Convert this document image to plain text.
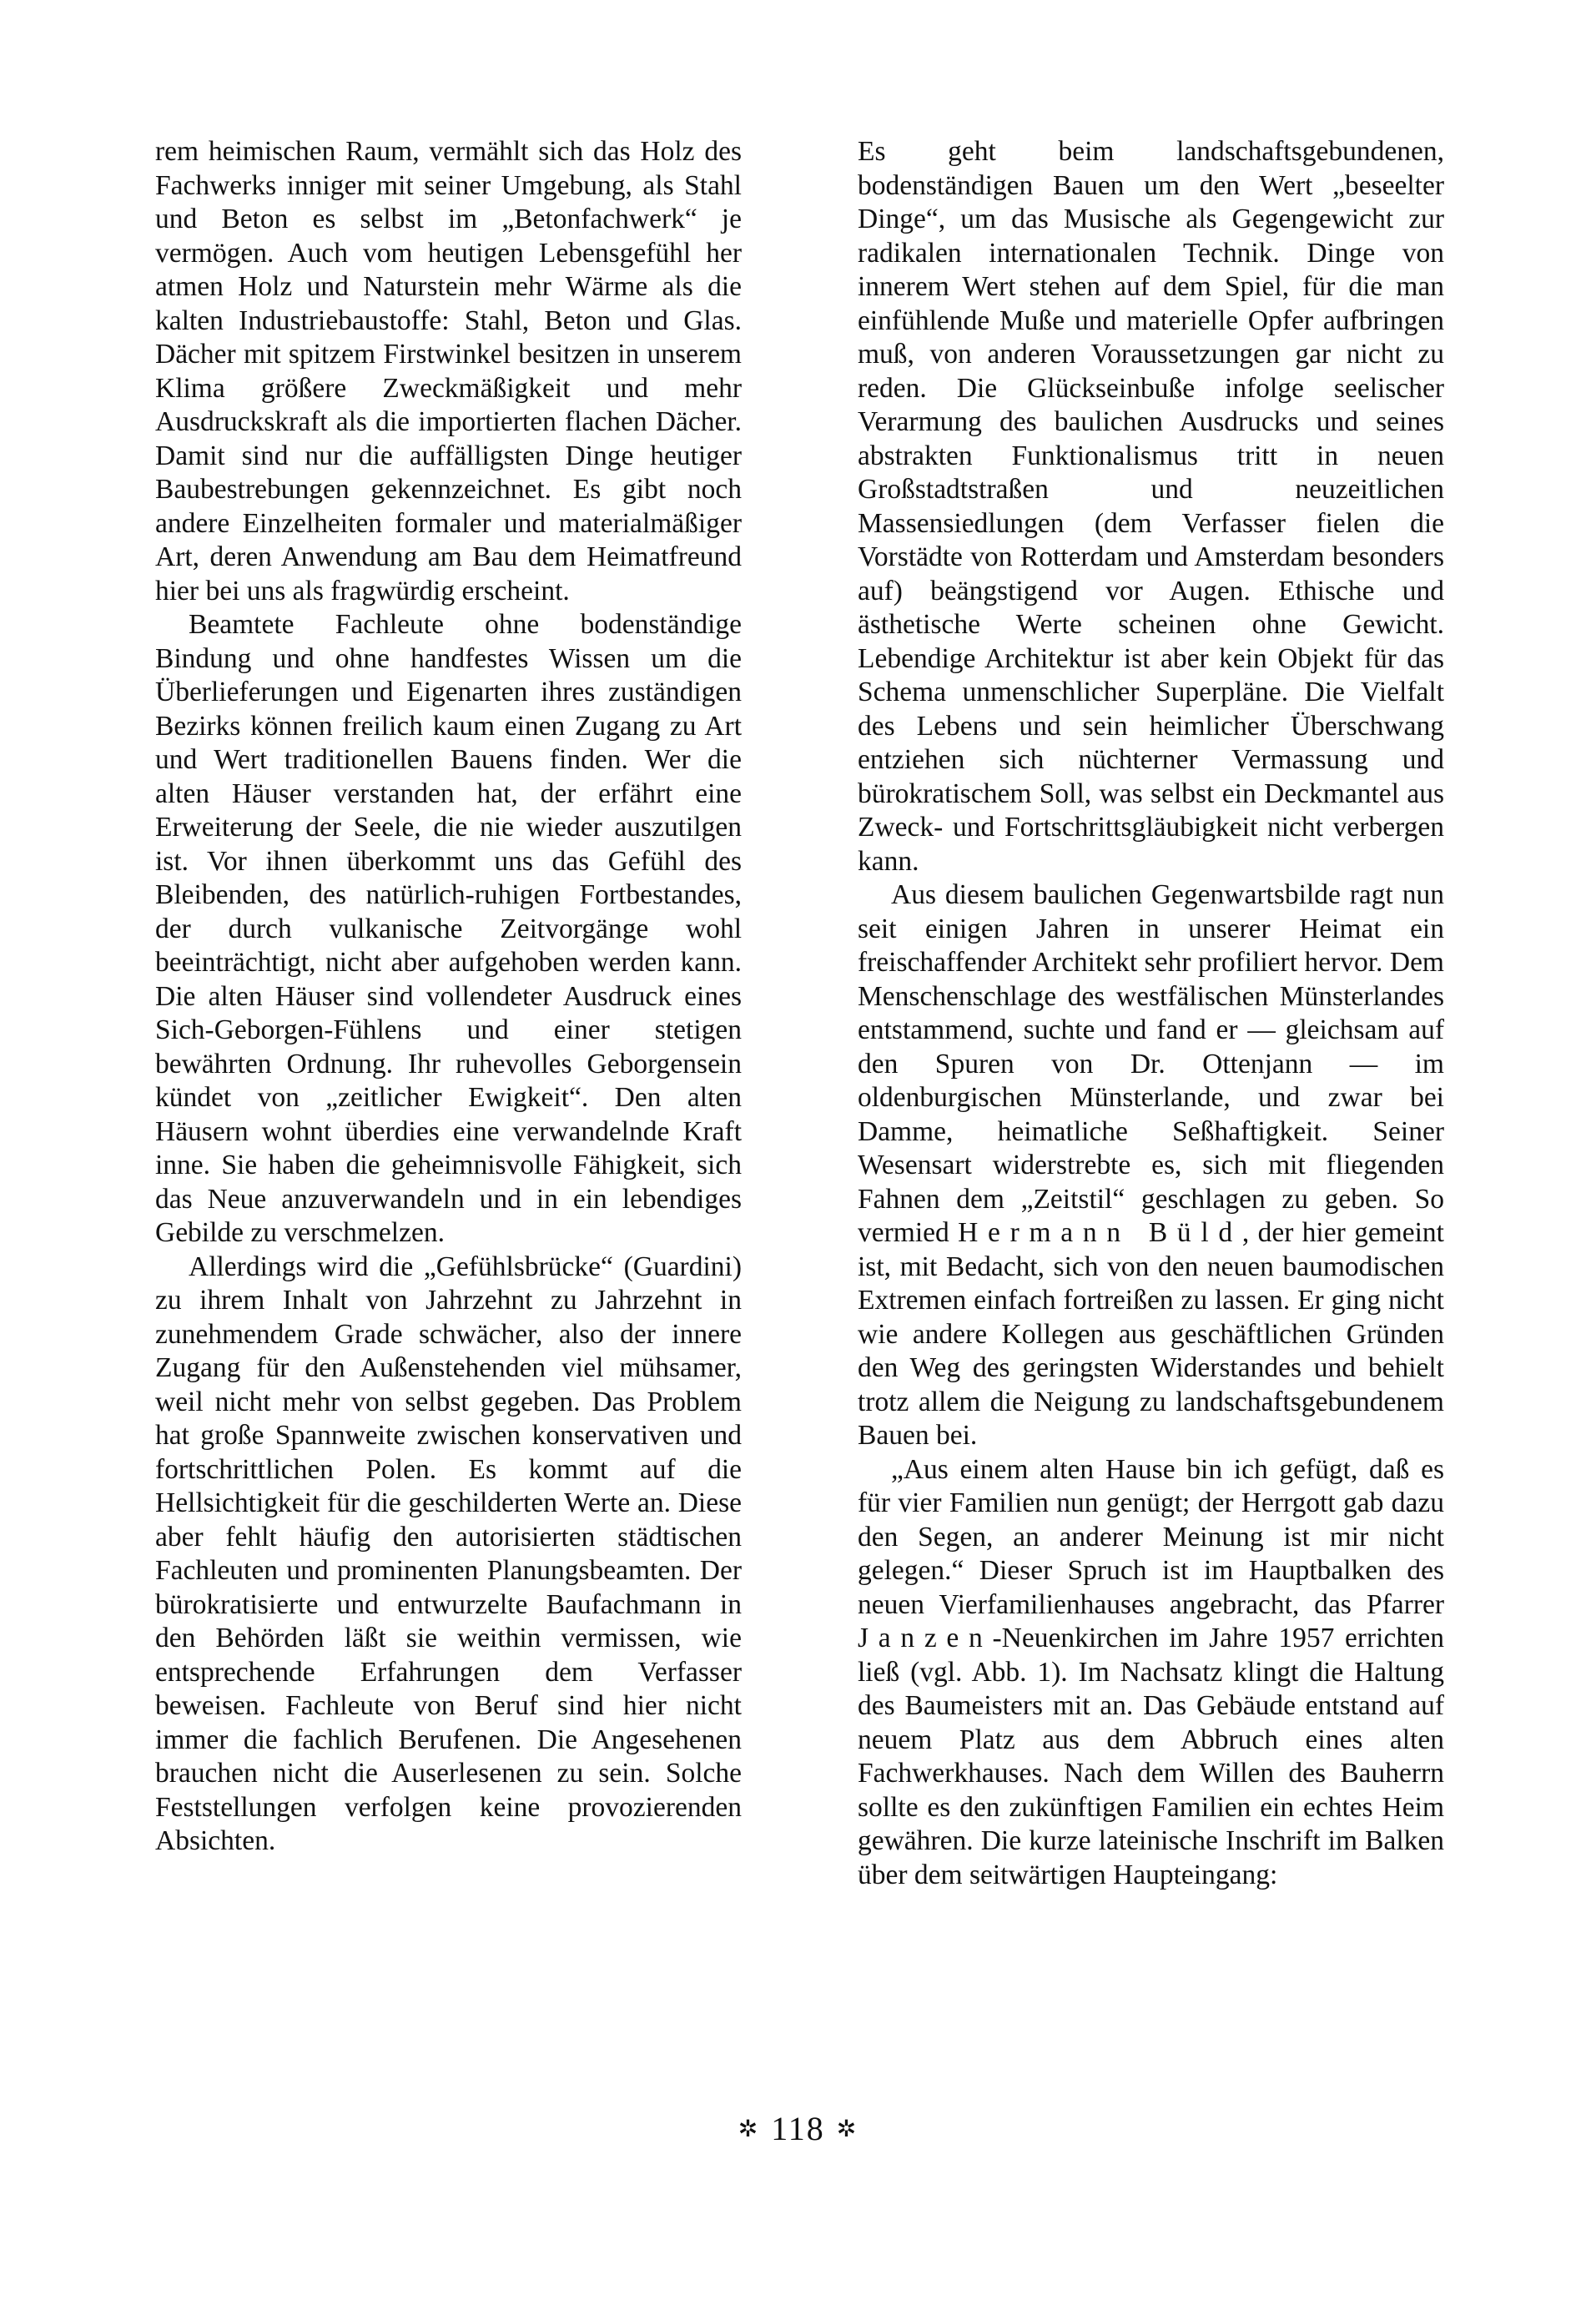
rem heimischen Raum, vermählt sich das Holz des Fachwerks inniger mit seiner Umgebung, als Stahl und Beton es selbst im „Betonfachwerk“ je vermögen. Auch vom heutigen Lebensgefühl her atmen Holz und Naturstein mehr Wärme als die kalten Industriebaustoffe: Stahl, Beton und Glas. Dächer mit spitzem Firstwinkel besitzen in unserem Klima größere Zweckmäßigkeit und mehr Ausdruckskraft als die importierten flachen Dächer. Damit sind nur die auffälligsten Dinge heutiger Baubestrebungen gekennzeichnet. Es gibt noch andere Einzelheiten formaler und materialmäßiger Art, deren Anwendung am Bau dem Heimatfreund hier bei uns als fragwürdig erscheint.

Beamtete Fachleute ohne bodenständige Bindung und ohne handfestes Wissen um die Überlieferungen und Eigenarten ihres zuständigen Bezirks können freilich kaum einen Zugang zu Art und Wert traditionellen Bauens finden. Wer die alten Häuser verstanden hat, der erfährt eine Erweiterung der Seele, die nie wieder auszutilgen ist. Vor ihnen überkommt uns das Gefühl des Bleibenden, des natürlich-ruhigen Fortbestandes, der durch vulkanische Zeitvorgänge wohl beeinträchtigt, nicht aber aufgehoben werden kann. Die alten Häuser sind vollendeter Ausdruck eines Sich-Geborgen-Fühlens und einer stetigen bewährten Ordnung. Ihr ruhevolles Geborgensein kündet von „zeitlicher Ewigkeit“. Den alten Häusern wohnt überdies eine verwandelnde Kraft inne. Sie haben die geheimnisvolle Fähigkeit, sich das Neue anzuverwandeln und in ein lebendiges Gebilde zu verschmelzen.

Allerdings wird die „Gefühlsbrücke“ (Guardini) zu ihrem Inhalt von Jahrzehnt zu Jahrzehnt in zunehmendem Grade schwächer, also der innere Zugang für den Außenstehenden viel mühsamer, weil nicht mehr von selbst gegeben. Das Problem hat große Spannweite zwischen konservativen und fortschrittlichen Polen. Es kommt auf die Hellsichtigkeit für die geschilderten Werte an. Diese aber fehlt häufig den autorisierten städtischen Fachleuten und prominenten Planungsbeamten. Der bürokratisierte und entwurzelte Baufachmann in den Behörden läßt sie weithin vermissen, wie entsprechende Erfahrungen dem Verfasser beweisen. Fachleute von Beruf sind hier nicht immer die fachlich Berufenen. Die Angesehenen brauchen nicht die Auserlesenen zu sein. Solche Feststellungen verfolgen keine provozierenden Absichten.

Es geht beim landschaftsgebundenen, bodenständigen Bauen um den Wert „beseelter Dinge“, um das Musische als Gegengewicht zur radikalen internationalen Technik. Dinge von innerem Wert stehen auf dem Spiel, für die man einfühlende Muße und materielle Opfer aufbringen muß, von anderen Voraussetzungen gar nicht zu reden. Die Glückseinbuße infolge seelischer Verarmung des baulichen Ausdrucks und seines abstrakten Funktionalismus tritt in neuen Großstadtstraßen und neuzeitlichen Massensiedlungen (dem Verfasser fielen die Vorstädte von Rotterdam und Amsterdam besonders auf) beängstigend vor Augen. Ethische und ästhetische Werte scheinen ohne Gewicht. Lebendige Architektur ist aber kein Objekt für das Schema unmenschlicher Superpläne. Die Vielfalt des Lebens und sein heimlicher Überschwang entziehen sich nüchterner Vermassung und bürokratischem Soll, was selbst ein Deckmantel aus Zweck- und Fortschrittsgläubigkeit nicht verbergen kann.

Aus diesem baulichen Gegenwartsbilde ragt nun seit einigen Jahren in unserer Heimat ein freischaffender Architekt sehr profiliert hervor. Dem Menschenschlage des westfälischen Münsterlandes entstammend, suchte und fand er — gleichsam auf den Spuren von Dr. Ottenjann — im oldenburgischen Münsterlande, und zwar bei Damme, heimatliche Seßhaftigkeit. Seiner Wesensart widerstrebte es, sich mit fliegenden Fahnen dem „Zeitstil“ geschlagen zu geben. So vermied Hermann Büld, der hier gemeint ist, mit Bedacht, sich von den neuen baumodischen Extremen einfach fortreißen zu lassen. Er ging nicht wie andere Kollegen aus geschäftlichen Gründen den Weg des geringsten Widerstandes und behielt trotz allem die Neigung zu landschaftsgebundenem Bauen bei.

„Aus einem alten Hause bin ich gefügt, daß es für vier Familien nun genügt; der Herrgott gab dazu den Segen, an anderer Meinung ist mir nicht gelegen.“ Dieser Spruch ist im Hauptbalken des neuen Vierfamilienhauses angebracht, das Pfarrer Janzen-Neuenkirchen im Jahre 1957 errichten ließ (vgl. Abb. 1). Im Nachsatz klingt die Haltung des Baumeisters mit an. Das Gebäude entstand auf neuem Platz aus dem Abbruch eines alten Fachwerkhauses. Nach dem Willen des Bauherrn sollte es den zukünftigen Familien ein echtes Heim gewähren. Die kurze lateinische Inschrift im Balken über dem seitwärtigen Haupteingang:

✲ 118 ✲
